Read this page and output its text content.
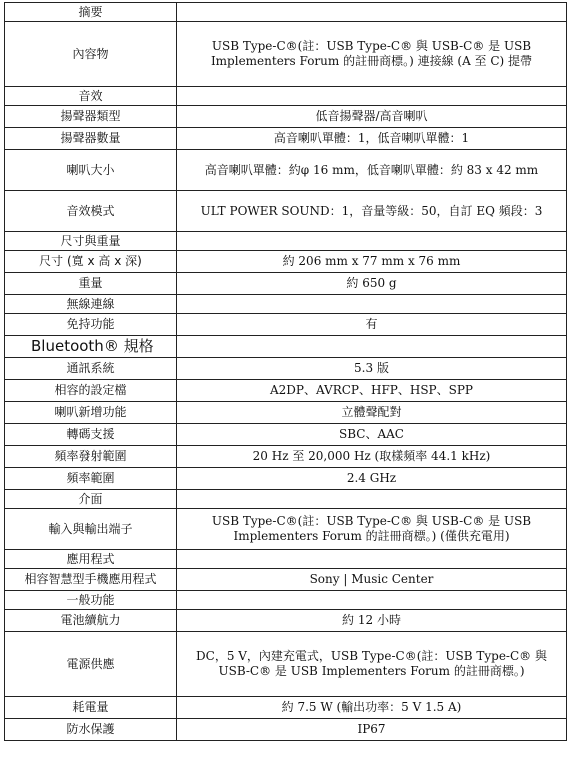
摘要	
內容物	USB Type-C®(註：USB Type-C® 與 USB-C® 是 USB Implementers Forum 的註冊商標。) 連接線 (A 至 C) 提帶
音效	
揚聲器類型	低音揚聲器/高音喇叭
揚聲器數量	高音喇叭單體：1，低音喇叭單體：1
喇叭大小	高音喇叭單體：約φ 16 mm，低音喇叭單體：約 83 x 42 mm
音效模式	ULT POWER SOUND：1，音量等級：50，自訂 EQ 頻段：3
尺寸與重量	
尺寸 (寬 x 高 x 深)	約 206 mm x 77 mm x 76 mm
重量	約 650 g
無線連線	
免持功能	有
Bluetooth® 規格	
通訊系統	5.3 版
相容的設定檔	A2DP、AVRCP、HFP、HSP、SPP
喇叭新增功能	立體聲配對
轉碼支援	SBC、AAC
頻率發射範圍	20 Hz 至 20,000 Hz (取樣頻率 44.1 kHz)
頻率範圍	2.4 GHz
介面	
輸入與輸出端子	USB Type-C®(註：USB Type-C® 與 USB-C® 是 USB Implementers Forum 的註冊商標。) (僅供充電用)
應用程式	
相容智慧型手機應用程式	Sony | Music Center
一般功能	
電池續航力	約 12 小時
電源供應	DC，5 V，內建充電式，USB Type-C®(註：USB Type-C® 與 USB-C® 是 USB Implementers Forum 的註冊商標。)
耗電量	約 7.5 W (輸出功率：5 V 1.5 A)
防水保護	IP67
